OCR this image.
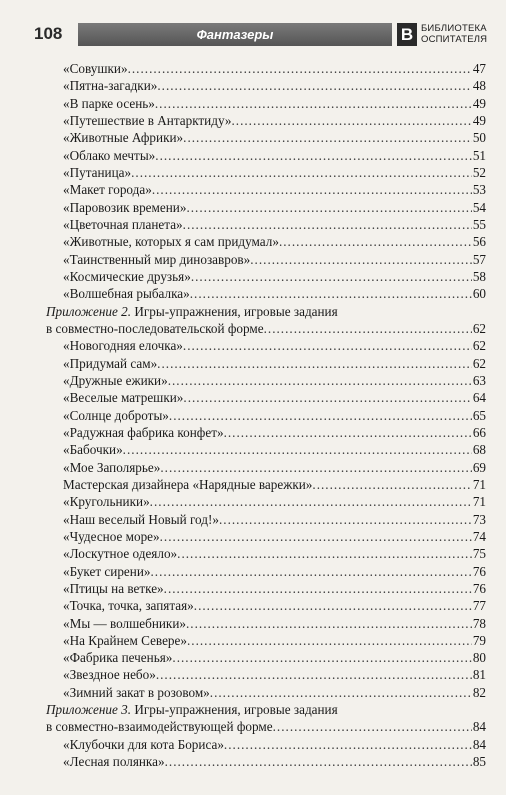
108	Фантазеры	В БИБЛИОТЕКА
ОСПИТАТЕЛЯ
«Совушки» .....	47
«Пятна-загадки» .....	48
«В парке осень» .....	49
«Путешествие в Антарктиду» .....	49
«Животные Африки» .....	50
«Облако мечты» .....	51
«Путаница» .....	52
«Макет города» .....	53
«Паровозик времени» .....	54
«Цветочная планета» .....	55
«Животные, которых я сам придумал» .....	56
«Таинственный мир динозавров» .....	57
«Космические друзья» .....	58
«Волшебная рыбалка» .....	60
Приложение 2. Игры-упражнения, игровые задания
в совместно-последовательской форме .....	62
«Новогодняя елочка» .....	62
«Придумай сам» .....	62
«Дружные ежики» .....	63
«Веселые матрешки» .....	64
«Солнце доброты» .....	65
«Радужная фабрика конфет» .....	66
«Бабочки» .....	68
«Мое Заполярье» .....	69
Мастерская дизайнера «Нарядные варежки» .....	71
«Кругольники» .....	71
«Наш веселый Новый год!» .....	73
«Чудесное море» .....	74
«Лоскутное одеяло» .....	75
«Букет сирени» .....	76
«Птицы на ветке» .....	76
«Точка, точка, запятая» .....	77
«Мы — волшебники» .....	78
«На Крайнем Севере» .....	79
«Фабрика печенья» .....	80
«Звездное небо» .....	81
«Зимний закат в розовом» .....	82
Приложение 3. Игры-упражнения, игровые задания
в совместно-взаимодействующей форме .....	84
«Клубочки для кота Бориса» .....	84
«Лесная полянка» .....	85
